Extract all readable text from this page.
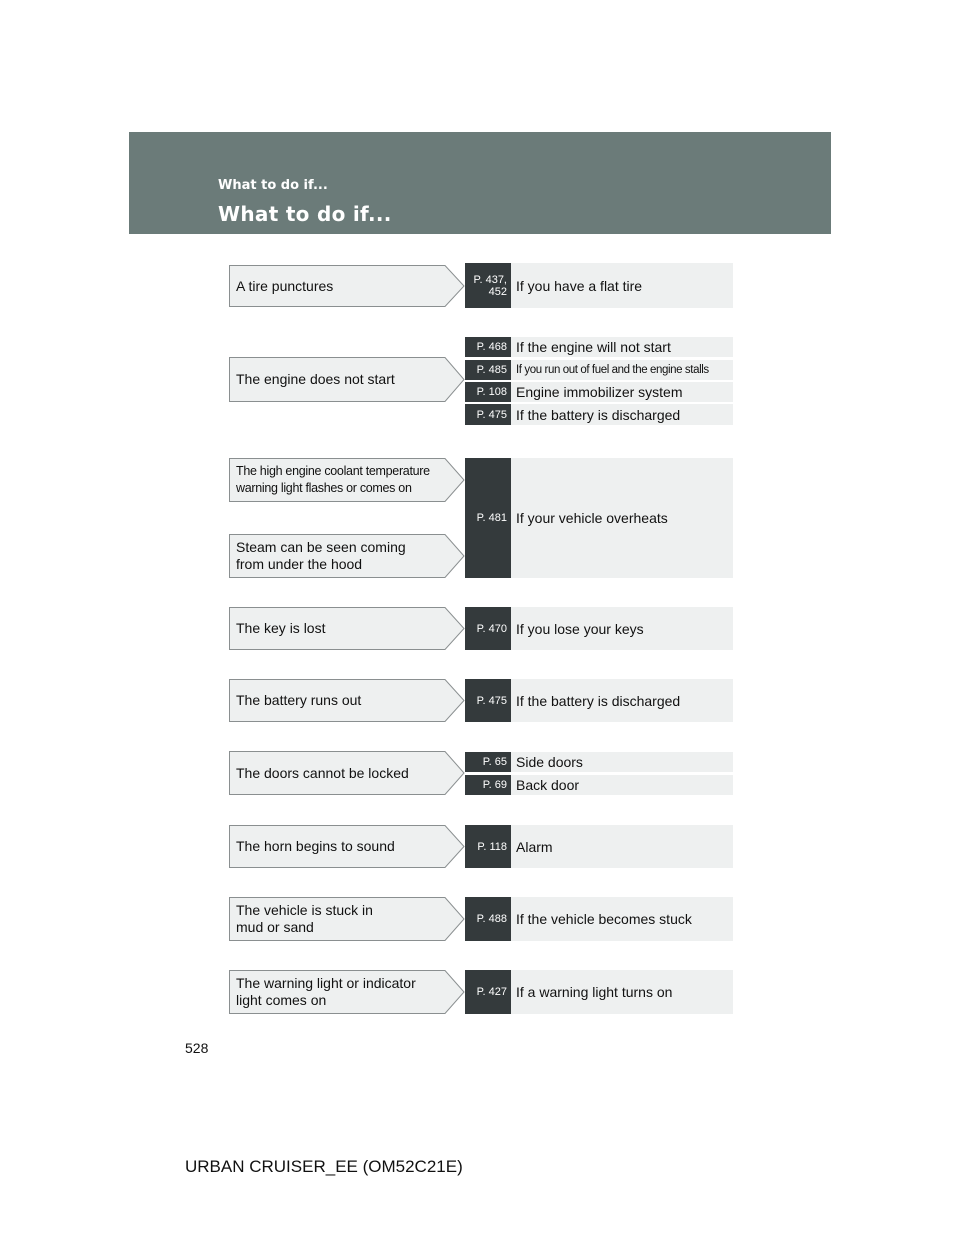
What to do if...

What to do if...

A tire punctures
The engine does not start
The high engine coolant temperature
warning light flashes or comes on
Steam can be seen coming
from under the hood
The key is lost
The battery runs out
The doors cannot be locked
The horn begins to sound
The vehicle is stuck in
mud or sand
The warning light or indicator
light comes on
P. 437,
452 If you have a flat tire
P. 468 If the engine will not start
P. 485 If you run out of fuel and the engine stalls
P. 108 Engine immobilizer system
P. 475 If the battery is discharged
P. 481 If your vehicle overheats
P. 470 If you lose your keys
P. 475 If the battery is discharged
P. 65 Side doors
P. 69 Back door
P. 118 Alarm
P. 488 If the vehicle becomes stuck
P. 427 If a warning light turns on

528

URBAN CRUISER_EE (OM52C21E)
